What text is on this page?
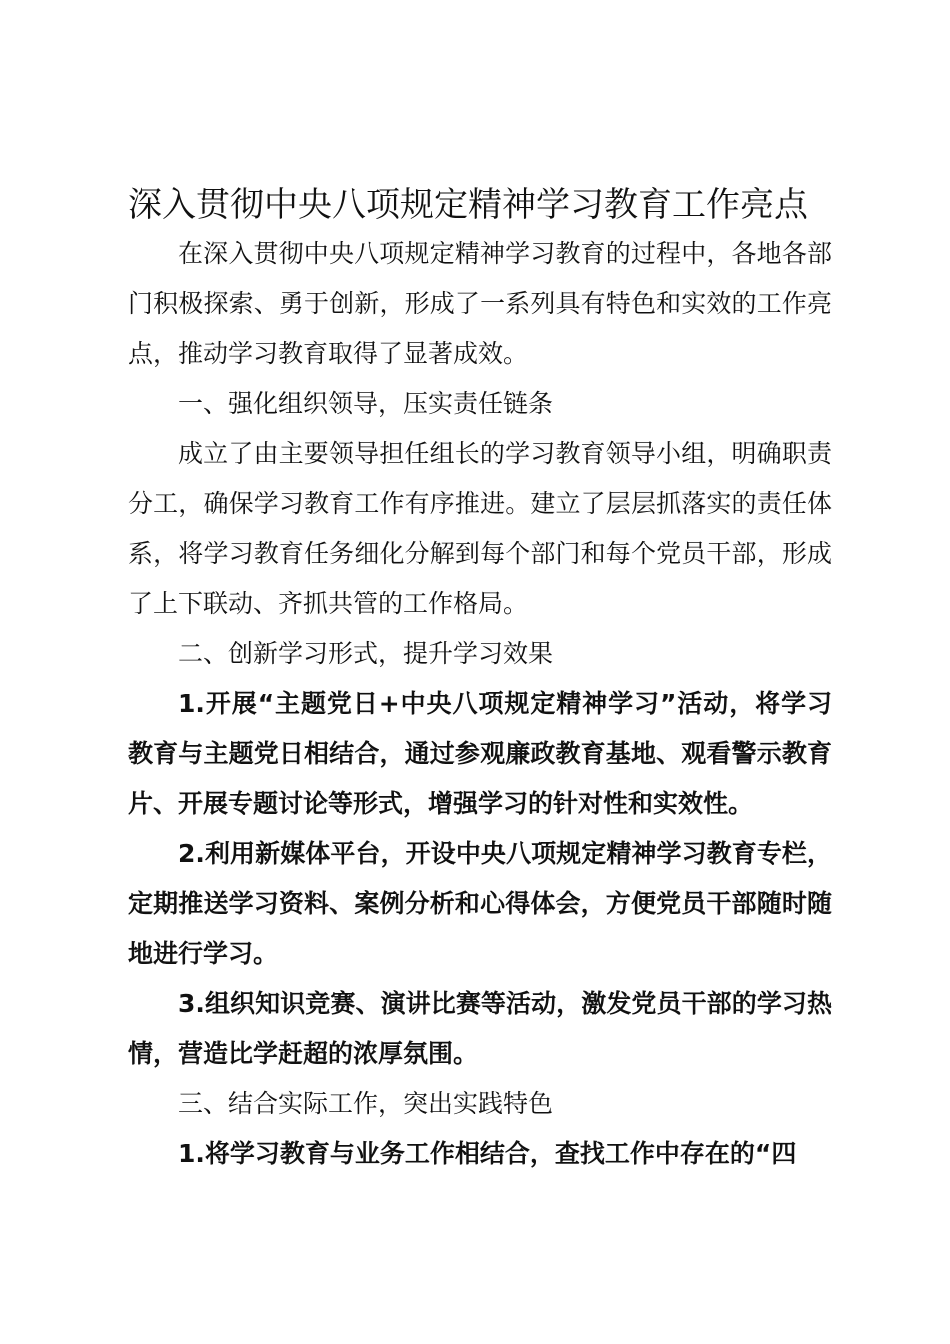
深入贯彻中央八项规定精神学习教育工作亮点

在深入贯彻中央八项规定精神学习教育的过程中，各地各部门积极探索、勇于创新，形成了一系列具有特色和实效的工作亮点，推动学习教育取得了显著成效。

一、强化组织领导，压实责任链条

成立了由主要领导担任组长的学习教育领导小组，明确职责分工，确保学习教育工作有序推进。建立了层层抓落实的责任体系，将学习教育任务细化分解到每个部门和每个党员干部，形成了上下联动、齐抓共管的工作格局。

二、创新学习形式，提升学习效果

1.开展“主题党日+中央八项规定精神学习”活动，将学习教育与主题党日相结合，通过参观廉政教育基地、观看警示教育片、开展专题讨论等形式，增强学习的针对性和实效性。

2.利用新媒体平台，开设中央八项规定精神学习教育专栏，定期推送学习资料、案例分析和心得体会，方便党员干部随时随地进行学习。

3.组织知识竞赛、演讲比赛等活动，激发党员干部的学习热情，营造比学赶超的浓厚氛围。

三、结合实际工作，突出实践特色

1.将学习教育与业务工作相结合，查找工作中存在的“四
